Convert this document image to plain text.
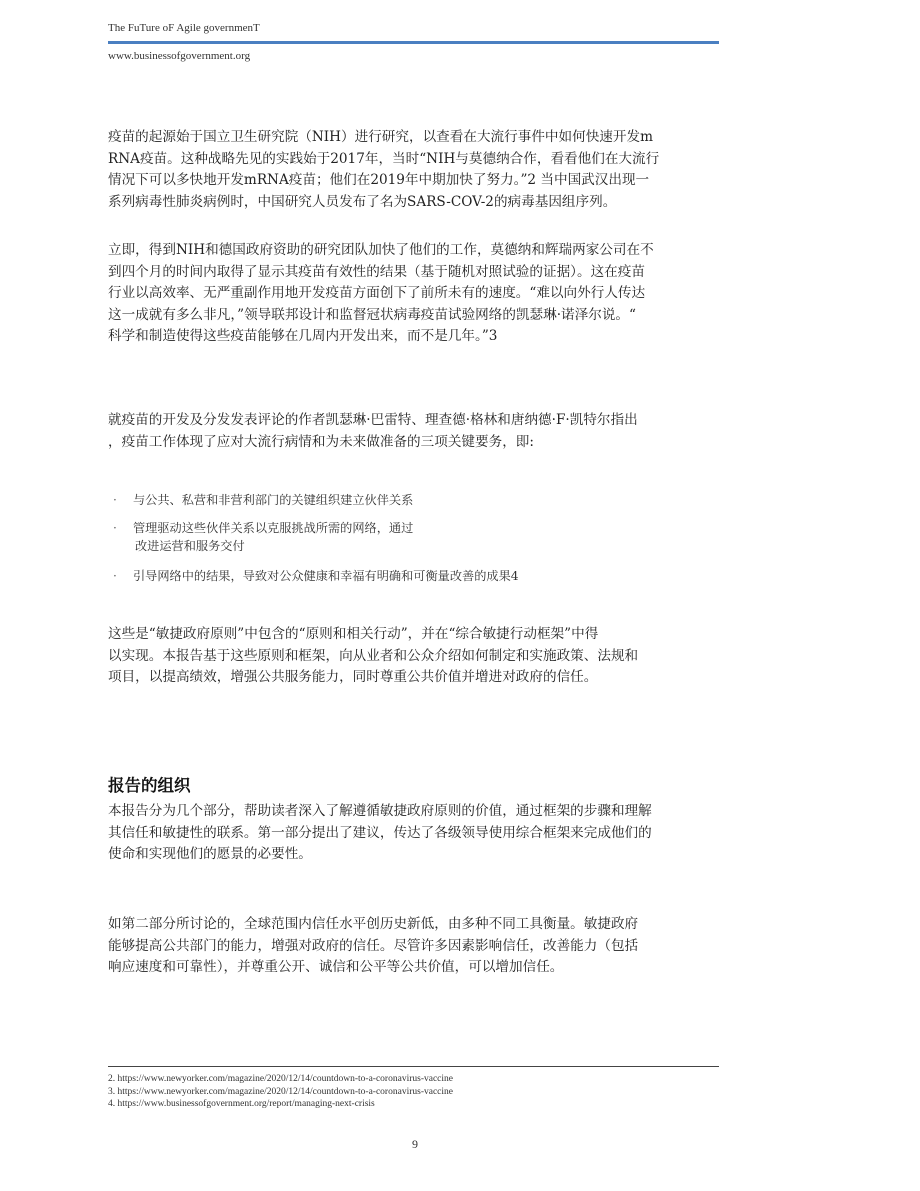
The FuTure oF Agile governmenT
www.businessofgovernment.org
疫苗的起源始于国立卫生研究院（NIH）进行研究，以查看在大流行事件中如何快速开发m
RNA疫苗。这种战略先见的实践始于2017年，当时“NIH与莫德纳合作，看看他们在大流行
情况下可以多快地开发mRNA疫苗；他们在2019年中期加快了努力。”2 当中国武汉出现一
系列病毒性肺炎病例时，中国研究人员发布了名为SARS-COV-2的病毒基因组序列。
立即，得到NIH和德国政府资助的研究团队加快了他们的工作，莫德纳和辉瑞两家公司在不
到四个月的时间内取得了显示其疫苗有效性的结果（基于随机对照试验的证据）。这在疫苗
行业以高效率、无严重副作用地开发疫苗方面创下了前所未有的速度。“难以向外行人传达
这一成就有多么非凡，”领导联邦设计和监督冠状病毒疫苗试验网络的凯瑟琳·诺泽尔说。“
科学和制造使得这些疫苗能够在几周内开发出来，而不是几年。”3
就疫苗的开发及分发发表评论的作者凯瑟琳·巴雷特、理查德·格林和唐纳德·F·凯特尔指出
，疫苗工作体现了应对大流行病情和为未来做准备的三项关键要务，即:
· 与公共、私营和非营利部门的关键组织建立伙伴关系
· 管理驱动这些伙伴关系以克服挑战所需的网络，通过
改进运营和服务交付
· 引导网络中的结果，导致对公众健康和幸福有明确和可衡量改善的成果4
这些是“敏捷政府原则”中包含的“原则和相关行动”，并在“综合敏捷行动框架”中得
以实现。本报告基于这些原则和框架，向从业者和公众介绍如何制定和实施政策、法规和
项目，以提高绩效，增强公共服务能力，同时尊重公共价值并增进对政府的信任。
报告的组织
本报告分为几个部分，帮助读者深入了解遵循敏捷政府原则的价值，通过框架的步骤和理解
其信任和敏捷性的联系。第一部分提出了建议，传达了各级领导使用综合框架来完成他们的
使命和实现他们的愿景的必要性。
如第二部分所讨论的，全球范围内信任水平创历史新低，由多种不同工具衡量。敏捷政府
能够提高公共部门的能力，增强对政府的信任。尽管许多因素影响信任，改善能力（包括
响应速度和可靠性），并尊重公开、诚信和公平等公共价值，可以增加信任。
2. https://www.newyorker.com/magazine/2020/12/14/countdown-to-a-coronavirus-vaccine
3. https://www.newyorker.com/magazine/2020/12/14/countdown-to-a-coronavirus-vaccine
4. https://www.businessofgovernment.org/report/managing-next-crisis
9
